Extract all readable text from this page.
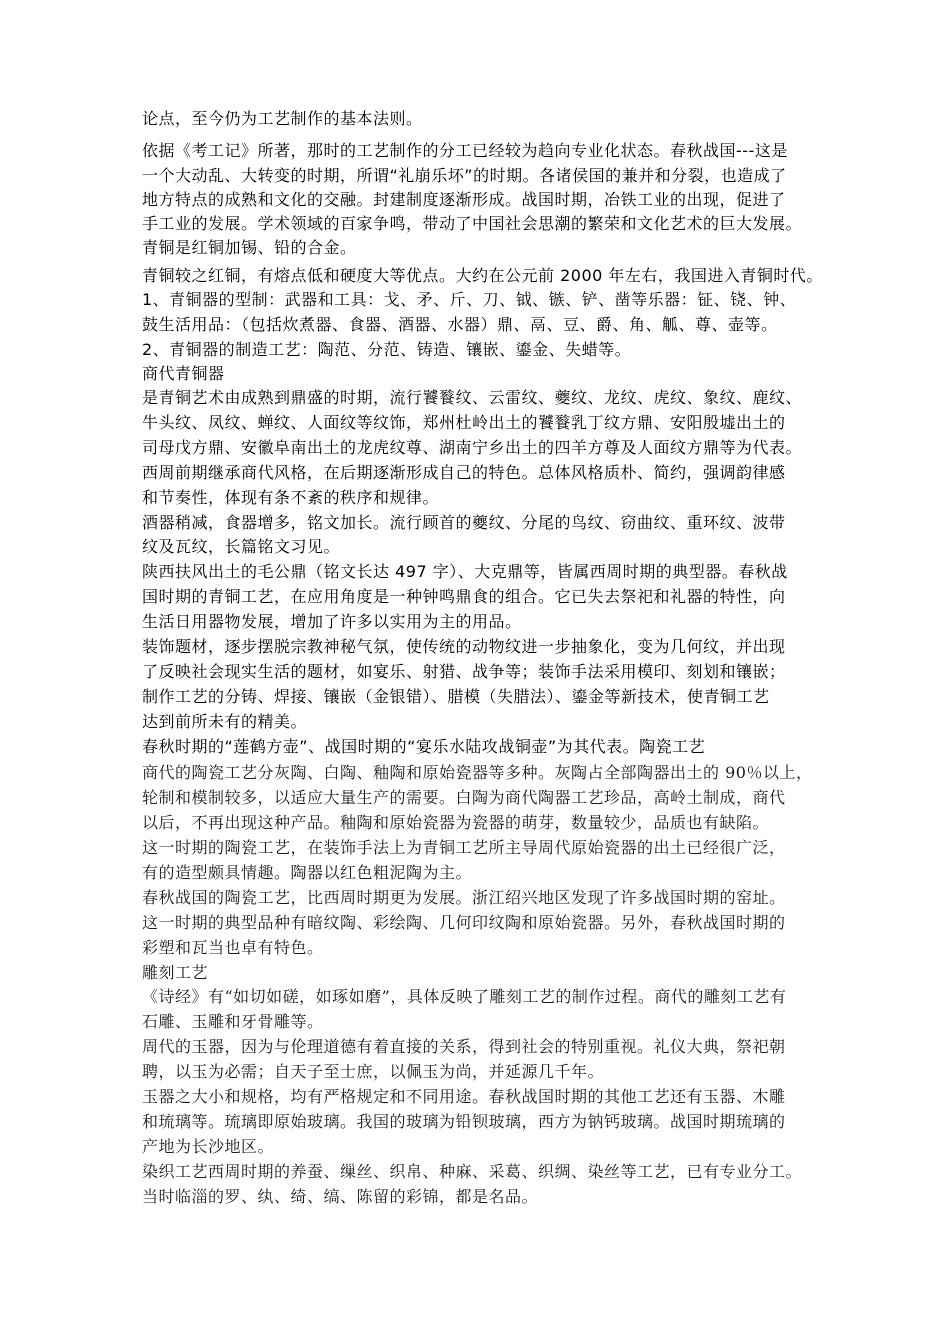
论点，至今仍为工艺制作的基本法则。
依据《考工记》所著，那时的工艺制作的分工已经较为趋向专业化状态。春秋战国---这是
一个大动乱、大转变的时期，所谓“礼崩乐坏”的时期。各诸侯国的兼并和分裂，也造成了
地方特点的成熟和文化的交融。封建制度逐渐形成。战国时期，冶铁工业的出现，促进了
手工业的发展。学术领域的百家争鸣，带动了中国社会思潮的繁荣和文化艺术的巨大发展。
青铜是红铜加锡、铅的合金。
青铜较之红铜，有熔点低和硬度大等优点。大约在公元前 2000 年左右，我国进入青铜时代。
1、青铜器的型制：武器和工具：戈、矛、斤、刀、钺、镞、铲、凿等乐器：钲、铙、钟、
鼓生活用品：（包括炊煮器、食器、酒器、水器）鼎、鬲、豆、爵、角、觚、尊、壶等。
2、青铜器的制造工艺：陶范、分范、铸造、镶嵌、鎏金、失蜡等。
商代青铜器
是青铜艺术由成熟到鼎盛的时期，流行饕餮纹、云雷纹、夔纹、龙纹、虎纹、象纹、鹿纹、
牛头纹、凤纹、蝉纹、人面纹等纹饰，郑州杜岭出土的饕餮乳丁纹方鼎、安阳殷墟出土的
司母戊方鼎、安徽阜南出土的龙虎纹尊、湖南宁乡出土的四羊方尊及人面纹方鼎等为代表。
西周前期继承商代风格，在后期逐渐形成自己的特色。总体风格质朴、简约，强调韵律感
和节奏性，体现有条不紊的秩序和规律。
酒器稍减，食器增多，铭文加长。流行顾首的夔纹、分尾的鸟纹、窃曲纹、重环纹、波带
纹及瓦纹，长篇铭文习见。
陕西扶风出土的毛公鼎（铭文长达 497 字）、大克鼎等，皆属西周时期的典型器。春秋战
国时期的青铜工艺，在应用角度是一种钟鸣鼎食的组合。它已失去祭祀和礼器的特性，向
生活日用器物发展，增加了许多以实用为主的用品。
装饰题材，逐步摆脱宗教神秘气氛，使传统的动物纹进一步抽象化，变为几何纹，并出现
了反映社会现实生活的题材，如宴乐、射猎、战争等；装饰手法采用模印、刻划和镶嵌；
制作工艺的分铸、焊接、镶嵌（金银错）、腊模（失腊法）、鎏金等新技术，使青铜工艺
达到前所未有的精美。
春秋时期的“莲鹤方壶”、战国时期的“宴乐水陆攻战铜壶”为其代表。陶瓷工艺
商代的陶瓷工艺分灰陶、白陶、釉陶和原始瓷器等多种。灰陶占全部陶器出土的 90％以上，
轮制和模制较多，以适应大量生产的需要。白陶为商代陶器工艺珍品，高岭土制成，商代
以后，不再出现这种产品。釉陶和原始瓷器为瓷器的萌芽，数量较少，品质也有缺陷。
这一时期的陶瓷工艺，在装饰手法上为青铜工艺所主导周代原始瓷器的出土已经很广泛，
有的造型颇具情趣。陶器以红色粗泥陶为主。
春秋战国的陶瓷工艺，比西周时期更为发展。浙江绍兴地区发现了许多战国时期的窑址。
这一时期的典型品种有暗纹陶、彩绘陶、几何印纹陶和原始瓷器。另外，春秋战国时期的
彩塑和瓦当也卓有特色。
雕刻工艺
《诗经》有“如切如磋，如琢如磨”，具体反映了雕刻工艺的制作过程。商代的雕刻工艺有
石雕、玉雕和牙骨雕等。
周代的玉器，因为与伦理道德有着直接的关系，得到社会的特别重视。礼仪大典，祭祀朝
聘，以玉为必需；自天子至士庶，以佩玉为尚，并延源几千年。
玉器之大小和规格，均有严格规定和不同用途。春秋战国时期的其他工艺还有玉器、木雕
和琉璃等。琉璃即原始玻璃。我国的玻璃为铅钡玻璃，西方为钠钙玻璃。战国时期琉璃的
产地为长沙地区。
染织工艺西周时期的养蚕、缫丝、织帛、种麻、采葛、织绸、染丝等工艺，已有专业分工。
当时临淄的罗、纨、绮、缟、陈留的彩锦，都是名品。
